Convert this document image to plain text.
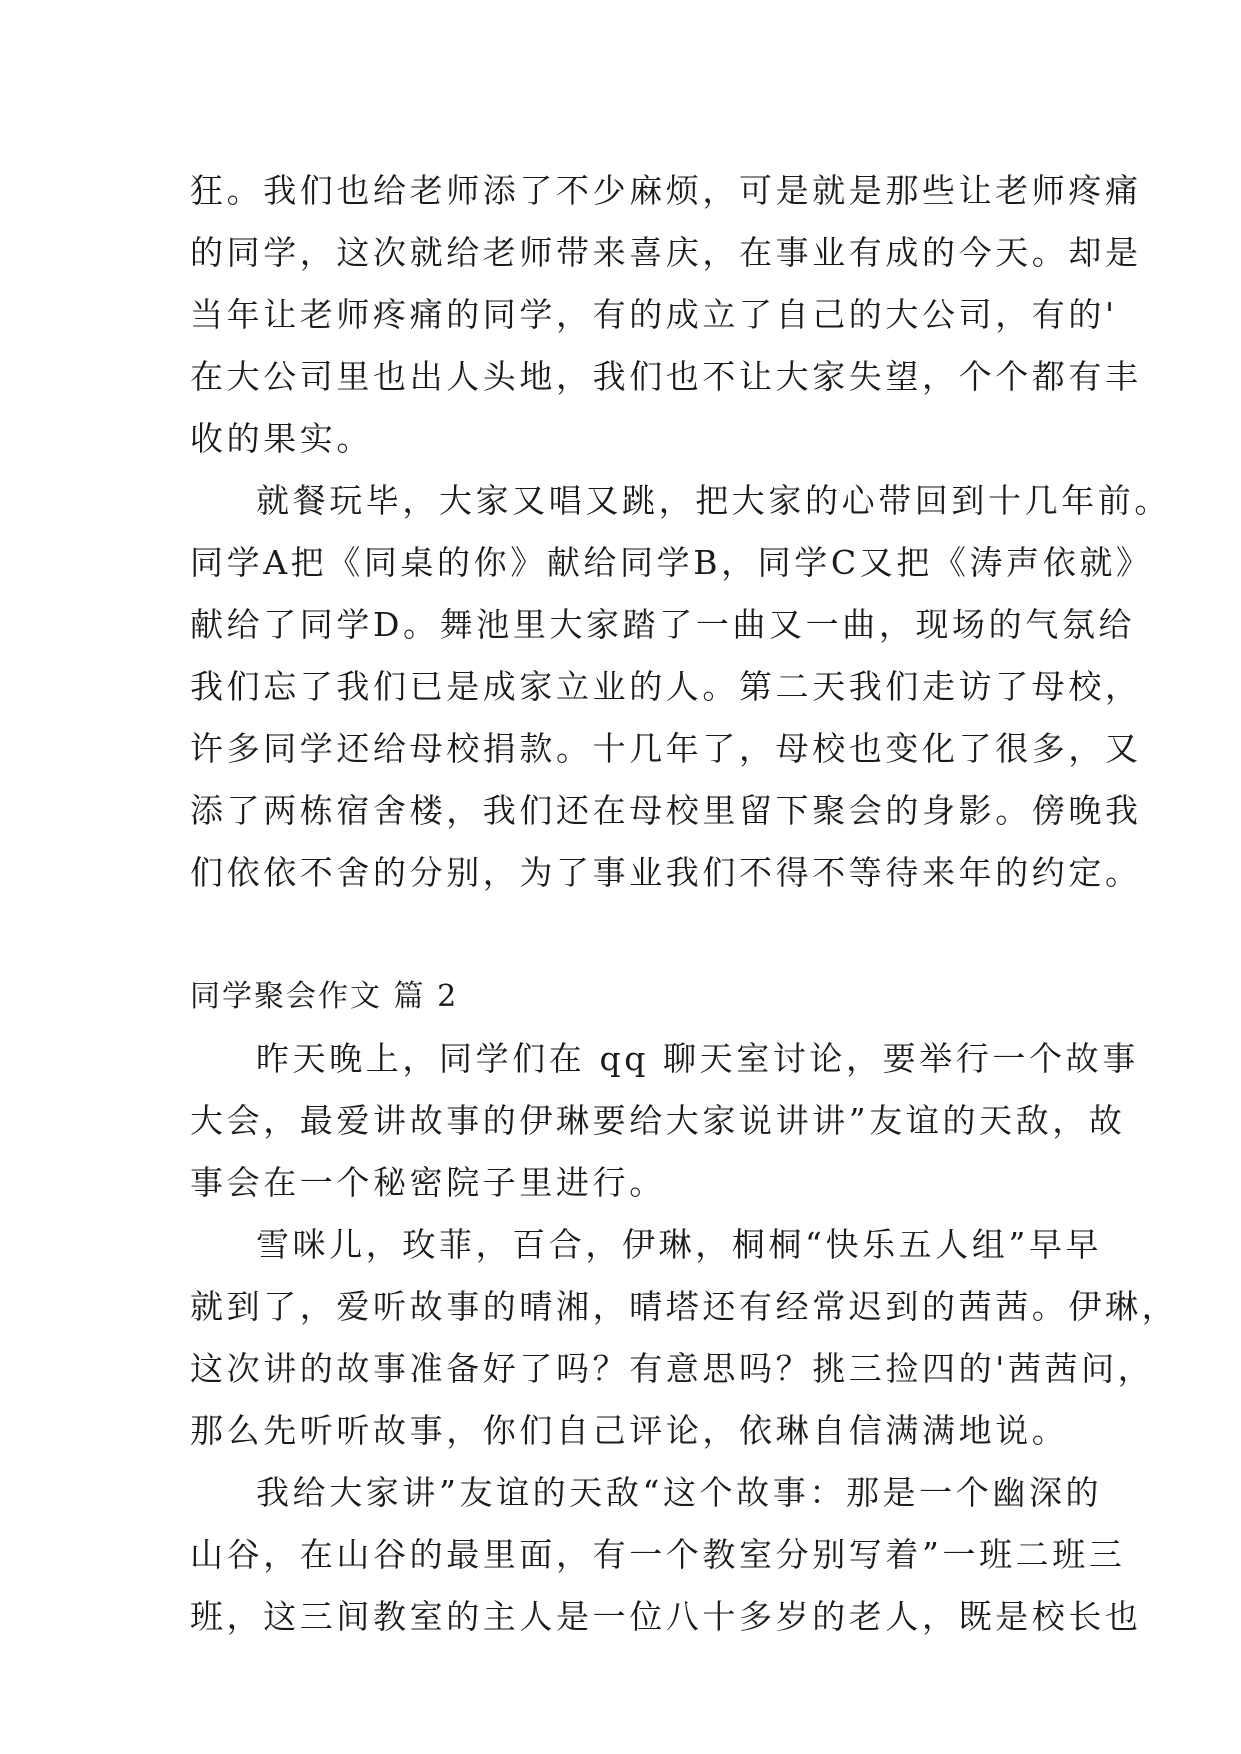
狂。我们也给老师添了不少麻烦，可是就是那些让老师疼痛
的同学，这次就给老师带来喜庆，在事业有成的今天。却是
当年让老师疼痛的同学，有的成立了自己的大公司，有的'
在大公司里也出人头地，我们也不让大家失望，个个都有丰
收的果实。
就餐玩毕，大家又唱又跳，把大家的心带回到十几年前。
同学A把《同桌的你》献给同学B，同学C又把《涛声依就》
献给了同学D。舞池里大家踏了一曲又一曲，现场的气氛给
我们忘了我们已是成家立业的人。第二天我们走访了母校，
许多同学还给母校捐款。十几年了，母校也变化了很多，又
添了两栋宿舍楼，我们还在母校里留下聚会的身影。傍晚我
们依依不舍的分别，为了事业我们不得不等待来年的约定。
同学聚会作文 篇 2
昨天晚上，同学们在 qq 聊天室讨论，要举行一个故事
大会，最爱讲故事的伊琳要给大家说讲讲”友谊的天敌，故
事会在一个秘密院子里进行。
雪咪儿，玫菲，百合，伊琳，桐桐“快乐五人组”早早
就到了，爱听故事的晴湘，晴塔还有经常迟到的茜茜。伊琳，
这次讲的故事准备好了吗？有意思吗？挑三捡四的'茜茜问，
那么先听听故事，你们自己评论，依琳自信满满地说。
我给大家讲”友谊的天敌“这个故事：那是一个幽深的
山谷，在山谷的最里面，有一个教室分别写着”一班二班三
班，这三间教室的主人是一位八十多岁的老人，既是校长也
